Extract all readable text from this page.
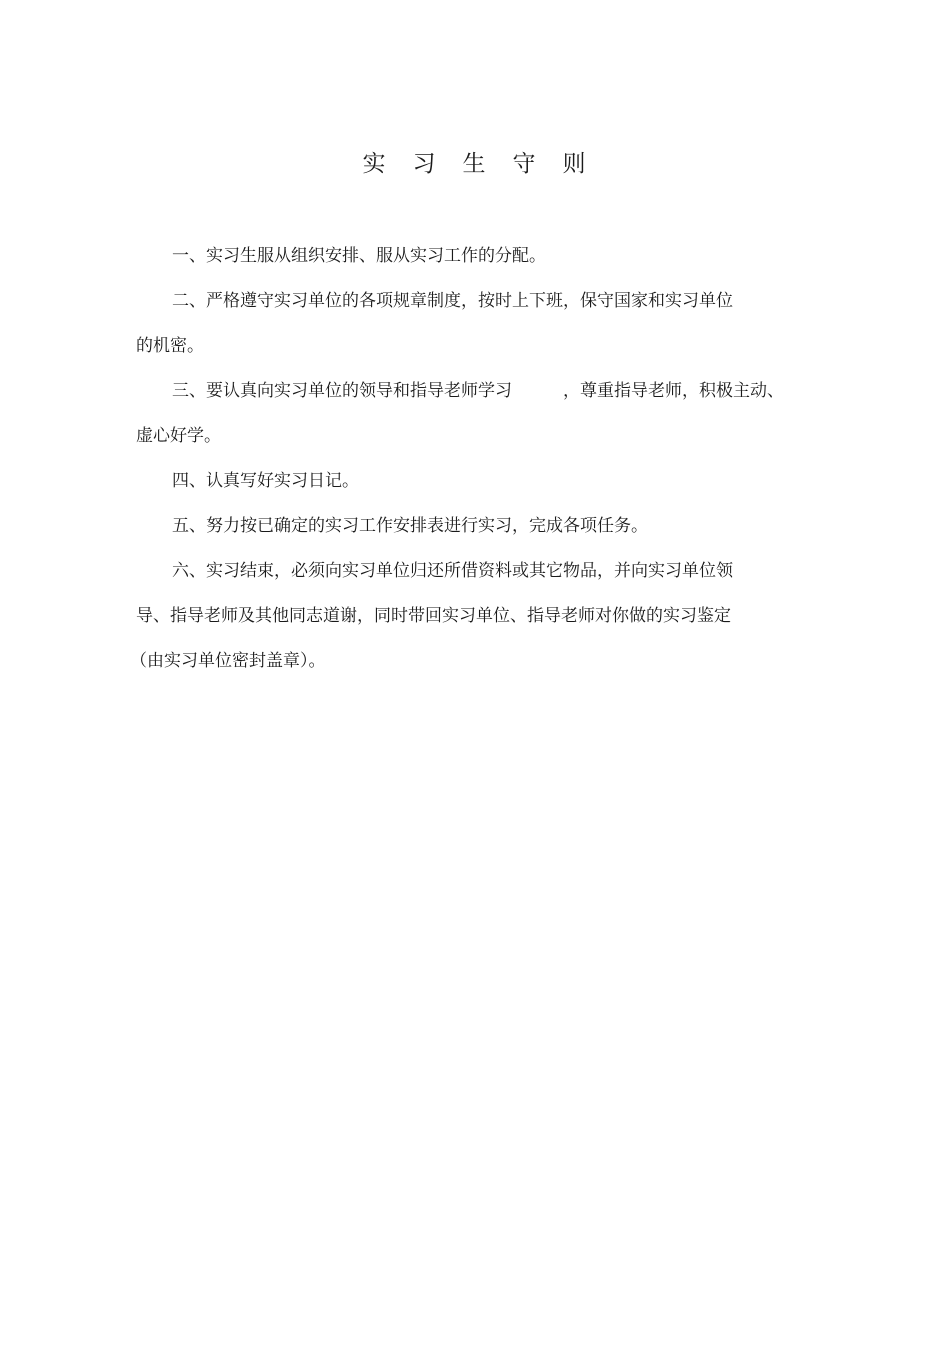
实　习　生　守　则
一、实习生服从组织安排、服从实习工作的分配。
二、严格遵守实习单位的各项规章制度，按时上下班，保守国家和实习单位
的机密。
三、要认真向实习单位的领导和指导老师学习	，尊重指导老师，积极主动、
虚心好学。
四、认真写好实习日记。
五、努力按已确定的实习工作安排表进行实习，完成各项任务。
六、实习结束，必须向实习单位归还所借资料或其它物品，并向实习单位领
导、指导老师及其他同志道谢，同时带回实习单位、指导老师对你做的实习鉴定
（由实习单位密封盖章）。
